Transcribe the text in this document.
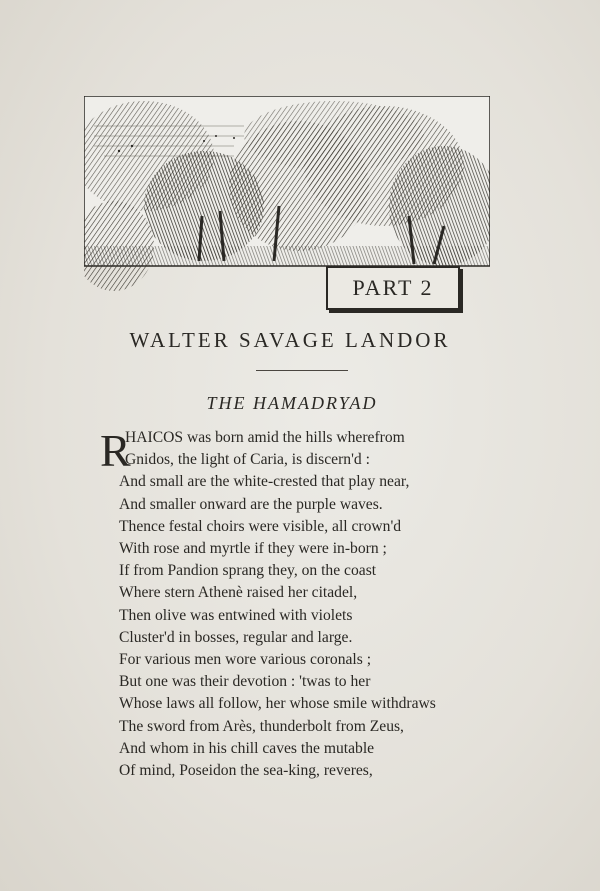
PART 2
WALTER SAVAGE LANDOR
THE HAMADRYAD
R
HAICOS was born amid the hills wherefrom
Gnidos, the light of Caria, is discern'd :
And small are the white-crested that play near,
And smaller onward are the purple waves.
Thence festal choirs were visible, all crown'd
With rose and myrtle if they were in-born ;
If from Pandion sprang they, on the coast
Where stern Athenè raised her citadel,
Then olive was entwined with violets
Cluster'd in bosses, regular and large.
For various men wore various coronals ;
But one was their devotion : 'twas to her
Whose laws all follow, her whose smile withdraws
The sword from Arès, thunderbolt from Zeus,
And whom in his chill caves the mutable
Of mind, Poseidon the sea-king, reveres,
